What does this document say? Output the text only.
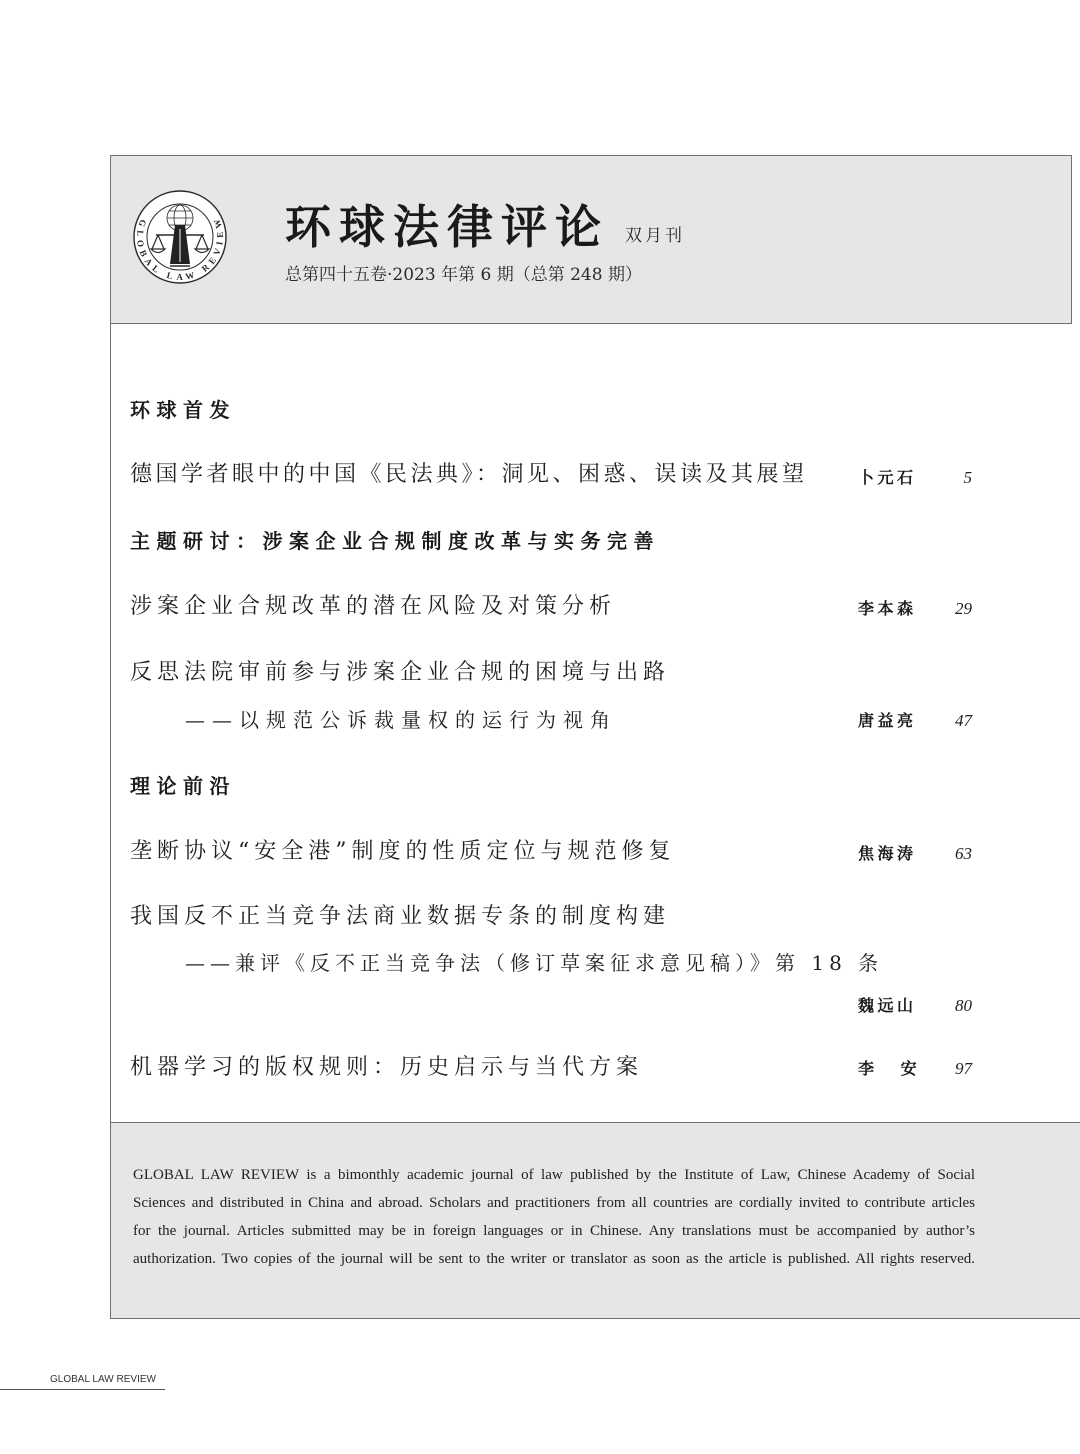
GLOBAL LAW REVIEW 环球法律评论 双月刊
总第四十五卷·2023 年第 6 期（总第 248 期）
环球首发
德国学者眼中的中国《民法典》：洞见、困惑、误读及其展望	卜元石	5
主题研讨：涉案企业合规制度改革与实务完善
涉案企业合规改革的潜在风险及对策分析	李本森 29
反思法院审前参与涉案企业合规的困境与出路
——以规范公诉裁量权的运行为视角	唐益亮 47
理论前沿
垄断协议“安全港”制度的性质定位与规范修复	焦海涛 63
我国反不正当竞争法商业数据专条的制度构建
——兼评《反不正当竞争法（修订草案征求意见稿）》第 18 条
魏远山 80
机器学习的版权规则：历史启示与当代方案	李 安 97
GLOBAL LAW REVIEW is a bimonthly academic journal of law published by the Institute of Law, Chinese Academy of Social
Sciences and distributed in China and abroad. Scholars and practitioners from all countries are cordially invited to contribute articles
for the journal. Articles submitted may be in foreign languages or in Chinese. Any translations must be accompanied by author’s
authorization. Two copies of the journal will be sent to the writer or translator as soon as the article is published. All rights reserved.
GLOBAL LAW REVIEW
